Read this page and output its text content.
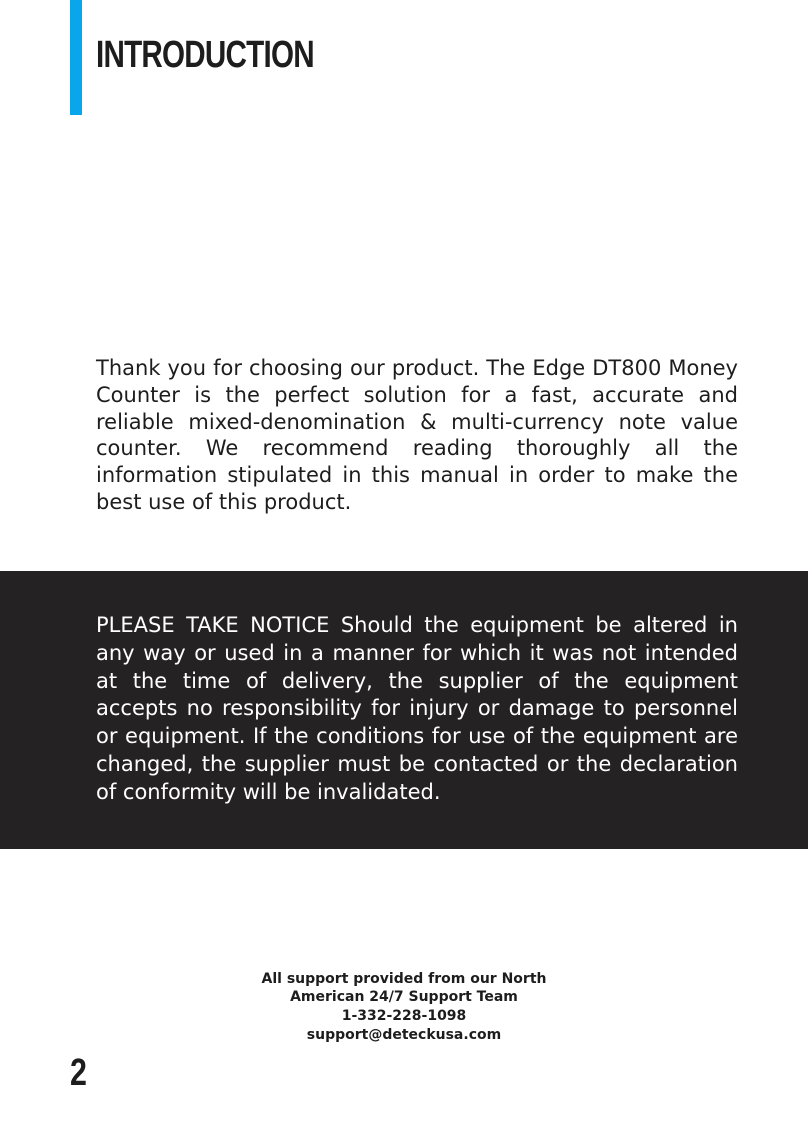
INTRODUCTION

Thank you for choosing our product. The Edge DT800 Money Counter is the perfect solution for a fast, accurate and reliable mixed-denomination & multi-currency note value counter. We recommend reading thoroughly all the information stipulated in this manual in order to make the best use of this product.

PLEASE TAKE NOTICE Should the equipment be altered in any way or used in a manner for which it was not intended at the time of delivery, the supplier of the equipment accepts no responsibility for injury or damage to personnel or equipment. If the conditions for use of the equipment are changed, the supplier must be contacted or the declaration of conformity will be invalidated.

All support provided from our North
American 24/7 Support Team
1-332-228-1098
support@deteckusa.com
2
